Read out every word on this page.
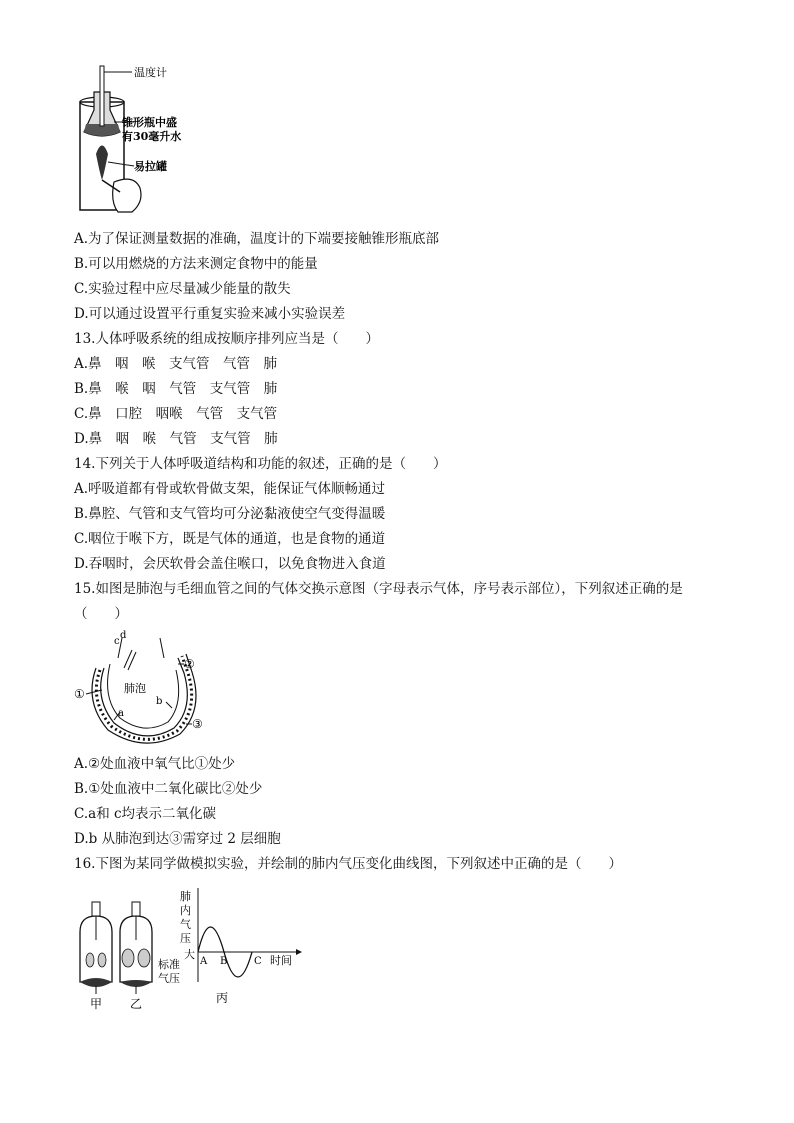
温度计
锥形瓶中盛
有30毫升水
易拉罐
A.为了保证测量数据的准确，温度计的下端要接触锥形瓶底部
B.可以用燃烧的方法来测定食物中的能量
C.实验过程中应尽量减少能量的散失
D.可以通过设置平行重复实验来减小实验误差
13.人体呼吸系统的组成按顺序排列应当是（　　）
A.鼻　咽　喉　支气管　气管　肺
B.鼻　喉　咽　气管　支气管　肺
C.鼻　口腔　咽喉　气管　支气管
D.鼻　咽　喉　气管　支气管　肺
14.下列关于人体呼吸道结构和功能的叙述，正确的是（　　）
A.呼吸道都有骨或软骨做支架，能保证气体顺畅通过
B.鼻腔、气管和支气管均可分泌黏液使空气变得温暖
C.咽位于喉下方，既是气体的通道，也是食物的通道
D.吞咽时，会厌软骨会盖住喉口，以免食物进入食道
15.如图是肺泡与毛细血管之间的气体交换示意图（字母表示气体，序号表示部位），下列叙述正确的是
（　　）
肺泡
a
b
c
d
①
②
③
A.②处血液中氧气比①处少
B.①处血液中二氧化碳比②处少
C.a和 c均表示二氧化碳
D.b 从肺泡到达③需穿过 2 层细胞
16.下图为某同学做模拟实验，并绘制的肺内气压变化曲线图，下列叙述中正确的是（　　）
甲 乙
肺
内
气
压
大
标准
气压
A B	C 时间
丙
